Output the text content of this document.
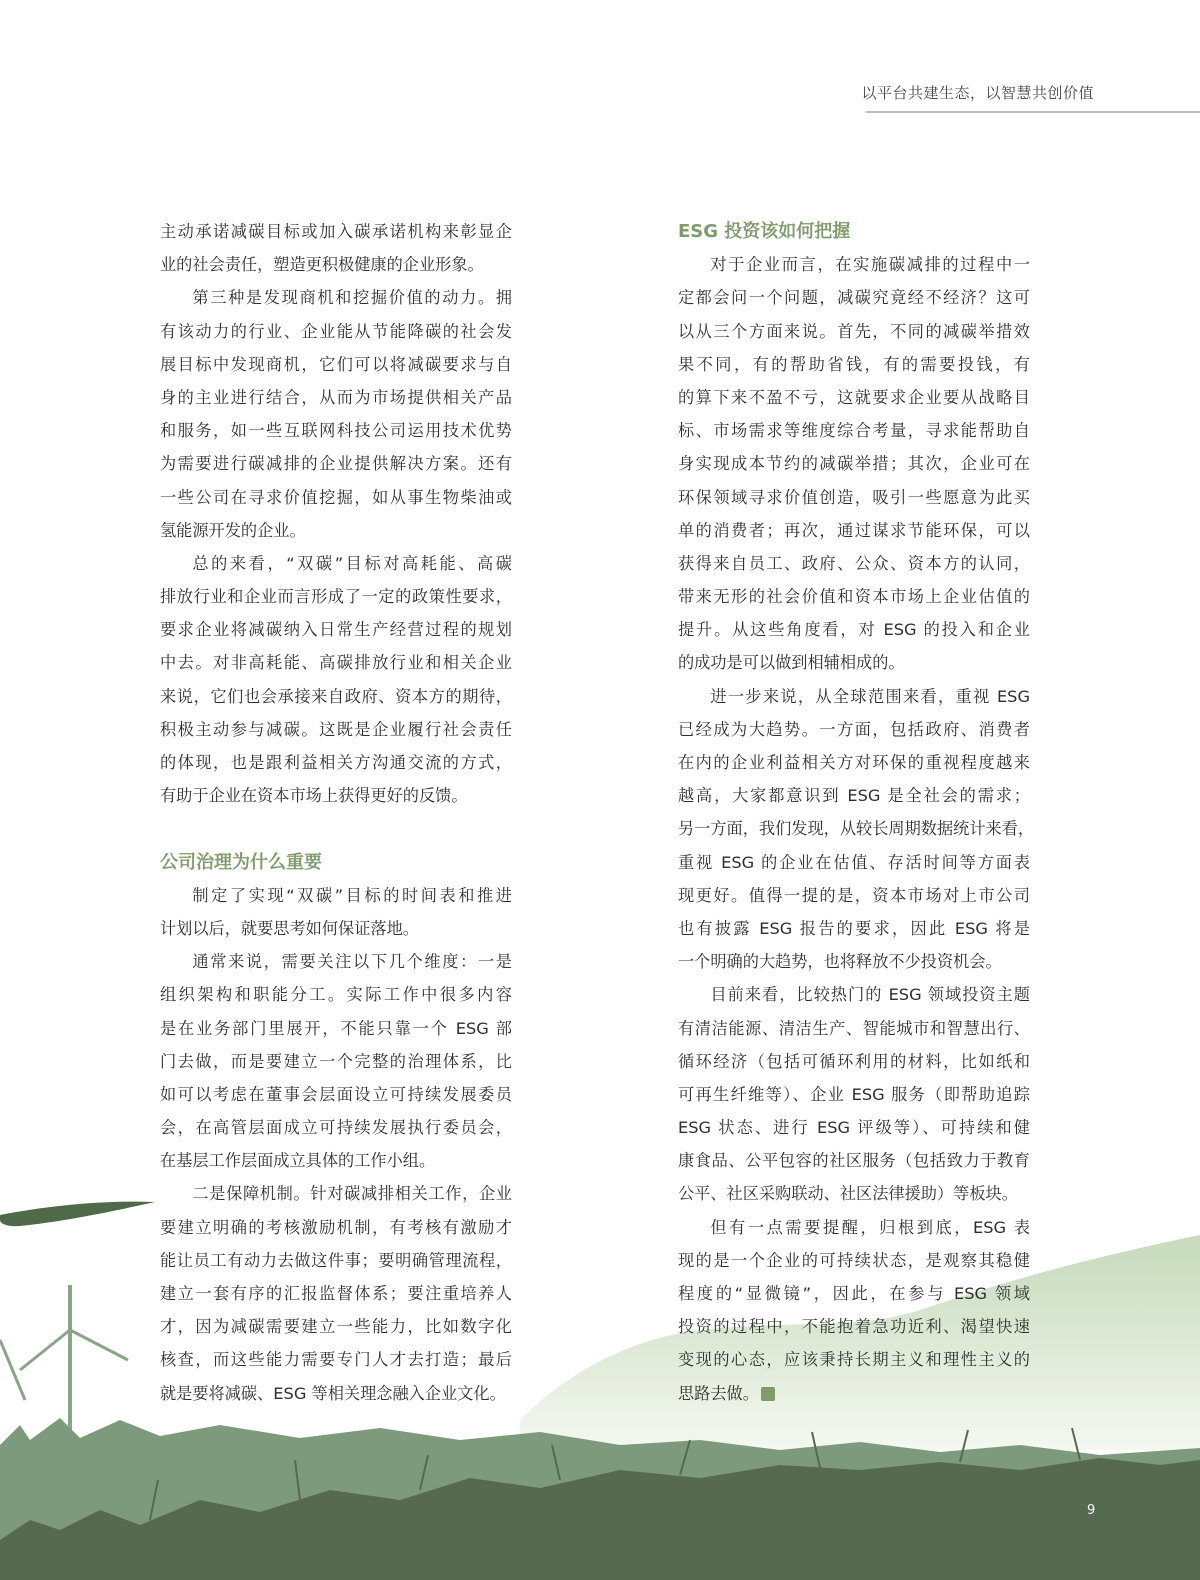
以平台共建生态，以智慧共创价值
主动承诺减碳目标或加入碳承诺机构来彰显企
业的社会责任，塑造更积极健康的企业形象。
第三种是发现商机和挖掘价值的动力。拥
有该动力的行业、企业能从节能降碳的社会发
展目标中发现商机，它们可以将减碳要求与自
身的主业进行结合，从而为市场提供相关产品
和服务，如一些互联网科技公司运用技术优势
为需要进行碳减排的企业提供解决方案。还有
一些公司在寻求价值挖掘，如从事生物柴油或
氢能源开发的企业。
总的来看，“双碳”目标对高耗能、高碳
排放行业和企业而言形成了一定的政策性要求，
要求企业将减碳纳入日常生产经营过程的规划
中去。对非高耗能、高碳排放行业和相关企业
来说，它们也会承接来自政府、资本方的期待，
积极主动参与减碳。这既是企业履行社会责任
的体现，也是跟利益相关方沟通交流的方式，
有助于企业在资本市场上获得更好的反馈。
公司治理为什么重要
制定了实现“双碳”目标的时间表和推进
计划以后，就要思考如何保证落地。
通常来说，需要关注以下几个维度：一是
组织架构和职能分工。实际工作中很多内容
是在业务部门里展开，不能只靠一个 ESG 部
门去做，而是要建立一个完整的治理体系，比
如可以考虑在董事会层面设立可持续发展委员
会，在高管层面成立可持续发展执行委员会，
在基层工作层面成立具体的工作小组。
二是保障机制。针对碳减排相关工作，企业
要建立明确的考核激励机制，有考核有激励才
能让员工有动力去做这件事；要明确管理流程，
建立一套有序的汇报监督体系；要注重培养人
才，因为减碳需要建立一些能力，比如数字化
核查，而这些能力需要专门人才去打造；最后
就是要将减碳、ESG 等相关理念融入企业文化。
ESG 投资该如何把握
对于企业而言，在实施碳减排的过程中一
定都会问一个问题，减碳究竟经不经济？这可
以从三个方面来说。首先，不同的减碳举措效
果不同，有的帮助省钱，有的需要投钱，有
的算下来不盈不亏，这就要求企业要从战略目
标、市场需求等维度综合考量，寻求能帮助自
身实现成本节约的减碳举措；其次，企业可在
环保领域寻求价值创造，吸引一些愿意为此买
单的消费者；再次，通过谋求节能环保，可以
获得来自员工、政府、公众、资本方的认同，
带来无形的社会价值和资本市场上企业估值的
提升。从这些角度看，对 ESG 的投入和企业
的成功是可以做到相辅相成的。
进一步来说，从全球范围来看，重视 ESG
已经成为大趋势。一方面，包括政府、消费者
在内的企业利益相关方对环保的重视程度越来
越高，大家都意识到 ESG 是全社会的需求；
另一方面，我们发现，从较长周期数据统计来看，
重视 ESG 的企业在估值、存活时间等方面表
现更好。值得一提的是，资本市场对上市公司
也有披露 ESG 报告的要求，因此 ESG 将是
一个明确的大趋势，也将释放不少投资机会。
目前来看，比较热门的 ESG 领域投资主题
有清洁能源、清洁生产、智能城市和智慧出行、
循环经济（包括可循环利用的材料，比如纸和
可再生纤维等）、企业 ESG 服务（即帮助追踪
ESG 状态、进行 ESG 评级等）、可持续和健
康食品、公平包容的社区服务（包括致力于教育
公平、社区采购联动、社区法律援助）等板块。
但有一点需要提醒，归根到底，ESG 表
现的是一个企业的可持续状态，是观察其稳健
程度的“显微镜”，因此，在参与 ESG 领域
投资的过程中，不能抱着急功近利、渴望快速
变现的心态，应该秉持长期主义和理性主义的
思路去做。
9
